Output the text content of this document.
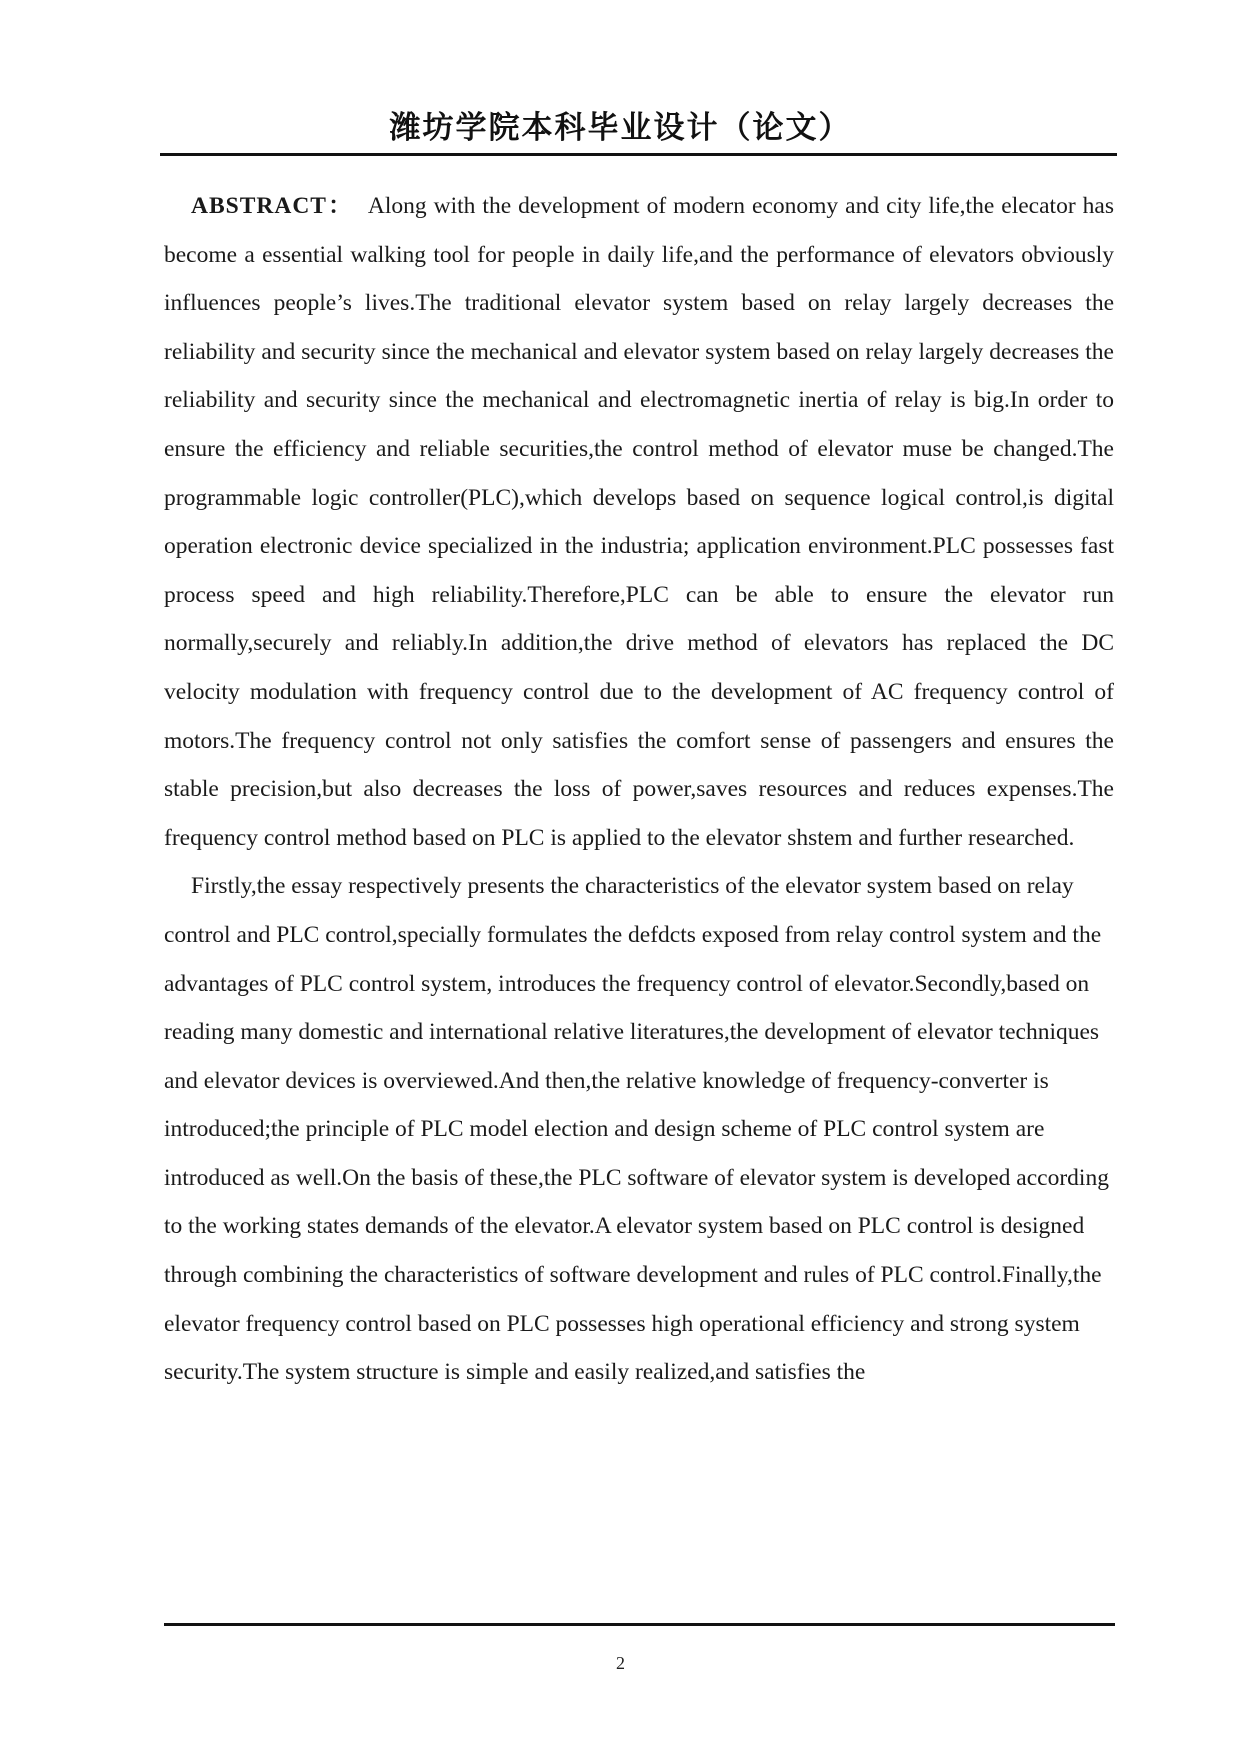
潍坊学院本科毕业设计（论文）

ABSTRACT： Along with the development of modern economy and city life,the elecator has become a essential walking tool for people in daily life,and the performance of elevators obviously influences people’s lives.The traditional elevator system based on relay largely decreases the reliability and security since the mechanical and elevator system based on relay largely decreases the reliability and security since the mechanical and electromagnetic inertia of relay is big.In order to ensure the efficiency and reliable securities,the control method of elevator muse be changed.The programmable logic controller(PLC),which develops based on sequence logical control,is digital operation electronic device specialized in the industria; application environment.PLC possesses fast process speed and high reliability.Therefore,PLC can be able to ensure the elevator run normally,securely and reliably.In addition,the drive method of elevators has replaced the DC velocity modulation with frequency control due to the development of AC frequency control of motors.The frequency control not only satisfies the comfort sense of passengers and ensures the stable precision,but also decreases the loss of power,saves resources and reduces expenses.The frequency control method based on PLC is applied to the elevator shstem and further researched.

Firstly,the essay respectively presents the characteristics of the elevator system based on relay control and PLC control,specially formulates the defdcts exposed from relay control system and the advantages of PLC control system, introduces the frequency control of elevator.Secondly,based on reading many domestic and international relative literatures,the development of elevator techniques and elevator devices is overviewed.And then,the relative knowledge of frequency-converter is introduced;the principle of PLC model election and design scheme of PLC control system are introduced as well.On the basis of these,the PLC software of elevator system is developed according to the working states demands of the elevator.A elevator system based on PLC control is designed through combining the characteristics of software development and rules of PLC control.Finally,the elevator frequency control based on PLC possesses high operational efficiency and strong system security.The system structure is simple and easily realized,and satisfies the

2
